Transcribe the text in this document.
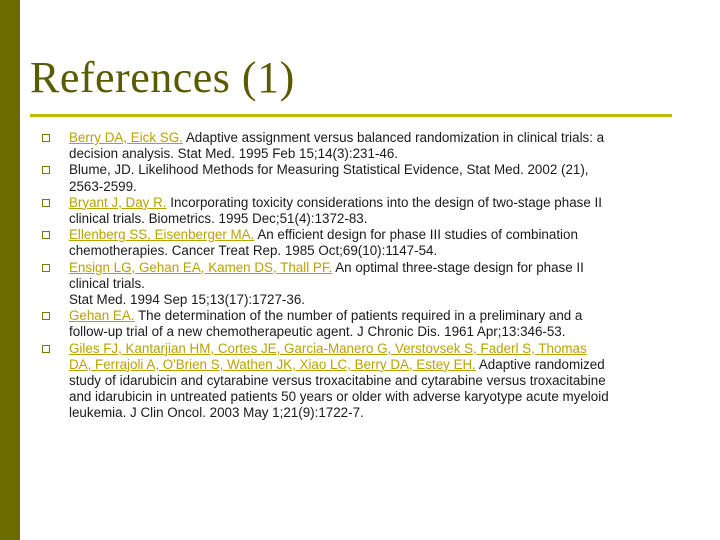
References (1)
Berry DA, Eick SG. Adaptive assignment versus balanced randomization in clinical trials: a
decision analysis. Stat Med. 1995 Feb 15;14(3):231-46.
Blume, JD. Likelihood Methods for Measuring Statistical Evidence, Stat Med. 2002 (21),
2563-2599.
Bryant J, Day R. Incorporating toxicity considerations into the design of two-stage phase II
clinical trials. Biometrics. 1995 Dec;51(4):1372-83.
Ellenberg SS, Eisenberger MA. An efficient design for phase III studies of combination
chemotherapies. Cancer Treat Rep. 1985 Oct;69(10):1147-54.
Ensign LG, Gehan EA, Kamen DS, Thall PF. An optimal three-stage design for phase II
clinical trials.
Stat Med. 1994 Sep 15;13(17):1727-36.
Gehan EA. The determination of the number of patients required in a preliminary and a
follow-up trial of a new chemotherapeutic agent. J Chronic Dis. 1961 Apr;13:346-53.
Giles FJ, Kantarjian HM, Cortes JE, Garcia-Manero G, Verstovsek S, Faderl S, Thomas
DA, Ferrajoli A, O'Brien S, Wathen JK, Xiao LC, Berry DA, Estey EH. Adaptive randomized
study of idarubicin and cytarabine versus troxacitabine and cytarabine versus troxacitabine
and idarubicin in untreated patients 50 years or older with adverse karyotype acute myeloid
leukemia. J Clin Oncol. 2003 May 1;21(9):1722-7.
